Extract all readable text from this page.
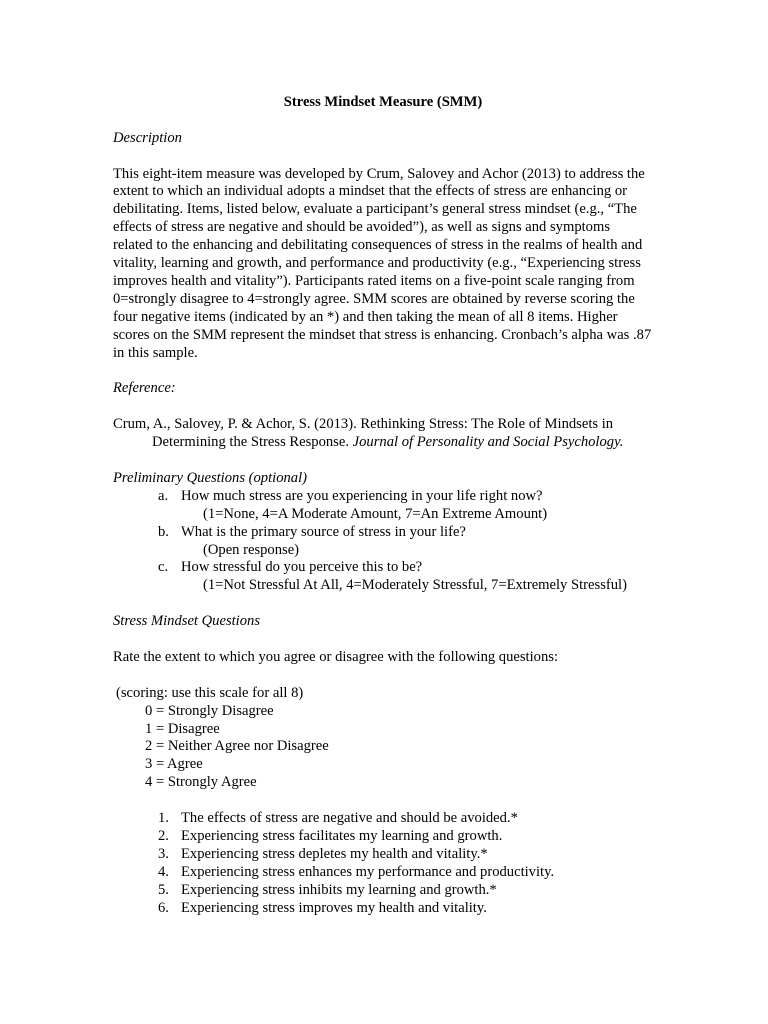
Stress Mindset Measure (SMM)

Description

This eight-item measure was developed by Crum, Salovey and Achor (2013) to address the extent to which an individual adopts a mindset that the effects of stress are enhancing or debilitating. Items, listed below, evaluate a participant’s general stress mindset (e.g., “The effects of stress are negative and should be avoided”), as well as signs and symptoms related to the enhancing and debilitating consequences of stress in the realms of health and vitality, learning and growth, and performance and productivity (e.g., “Experiencing stress improves health and vitality”). Participants rated items on a five-point scale ranging from 0=strongly disagree to 4=strongly agree. SMM scores are obtained by reverse scoring the four negative items (indicated by an *) and then taking the mean of all 8 items. Higher scores on the SMM represent the mindset that stress is enhancing. Cronbach’s alpha was .87 in this sample.

Reference:

Crum, A., Salovey, P. & Achor, S. (2013). Rethinking Stress: The Role of Mindsets in Determining the Stress Response. Journal of Personality and Social Psychology.

Preliminary Questions (optional)

a. How much stress are you experiencing in your life right now?
(1=None, 4=A Moderate Amount, 7=An Extreme Amount)
b. What is the primary source of stress in your life?
(Open response)
c. How stressful do you perceive this to be?
(1=Not Stressful At All, 4=Moderately Stressful, 7=Extremely Stressful)

Stress Mindset Questions

Rate the extent to which you agree or disagree with the following questions:

(scoring: use this scale for all 8)

0 = Strongly Disagree

1 = Disagree

2 = Neither Agree nor Disagree

3 = Agree

4 = Strongly Agree

1. The effects of stress are negative and should be avoided.*
2. Experiencing stress facilitates my learning and growth.
3. Experiencing stress depletes my health and vitality.*
4. Experiencing stress enhances my performance and productivity.
5. Experiencing stress inhibits my learning and growth.*
6. Experiencing stress improves my health and vitality.
